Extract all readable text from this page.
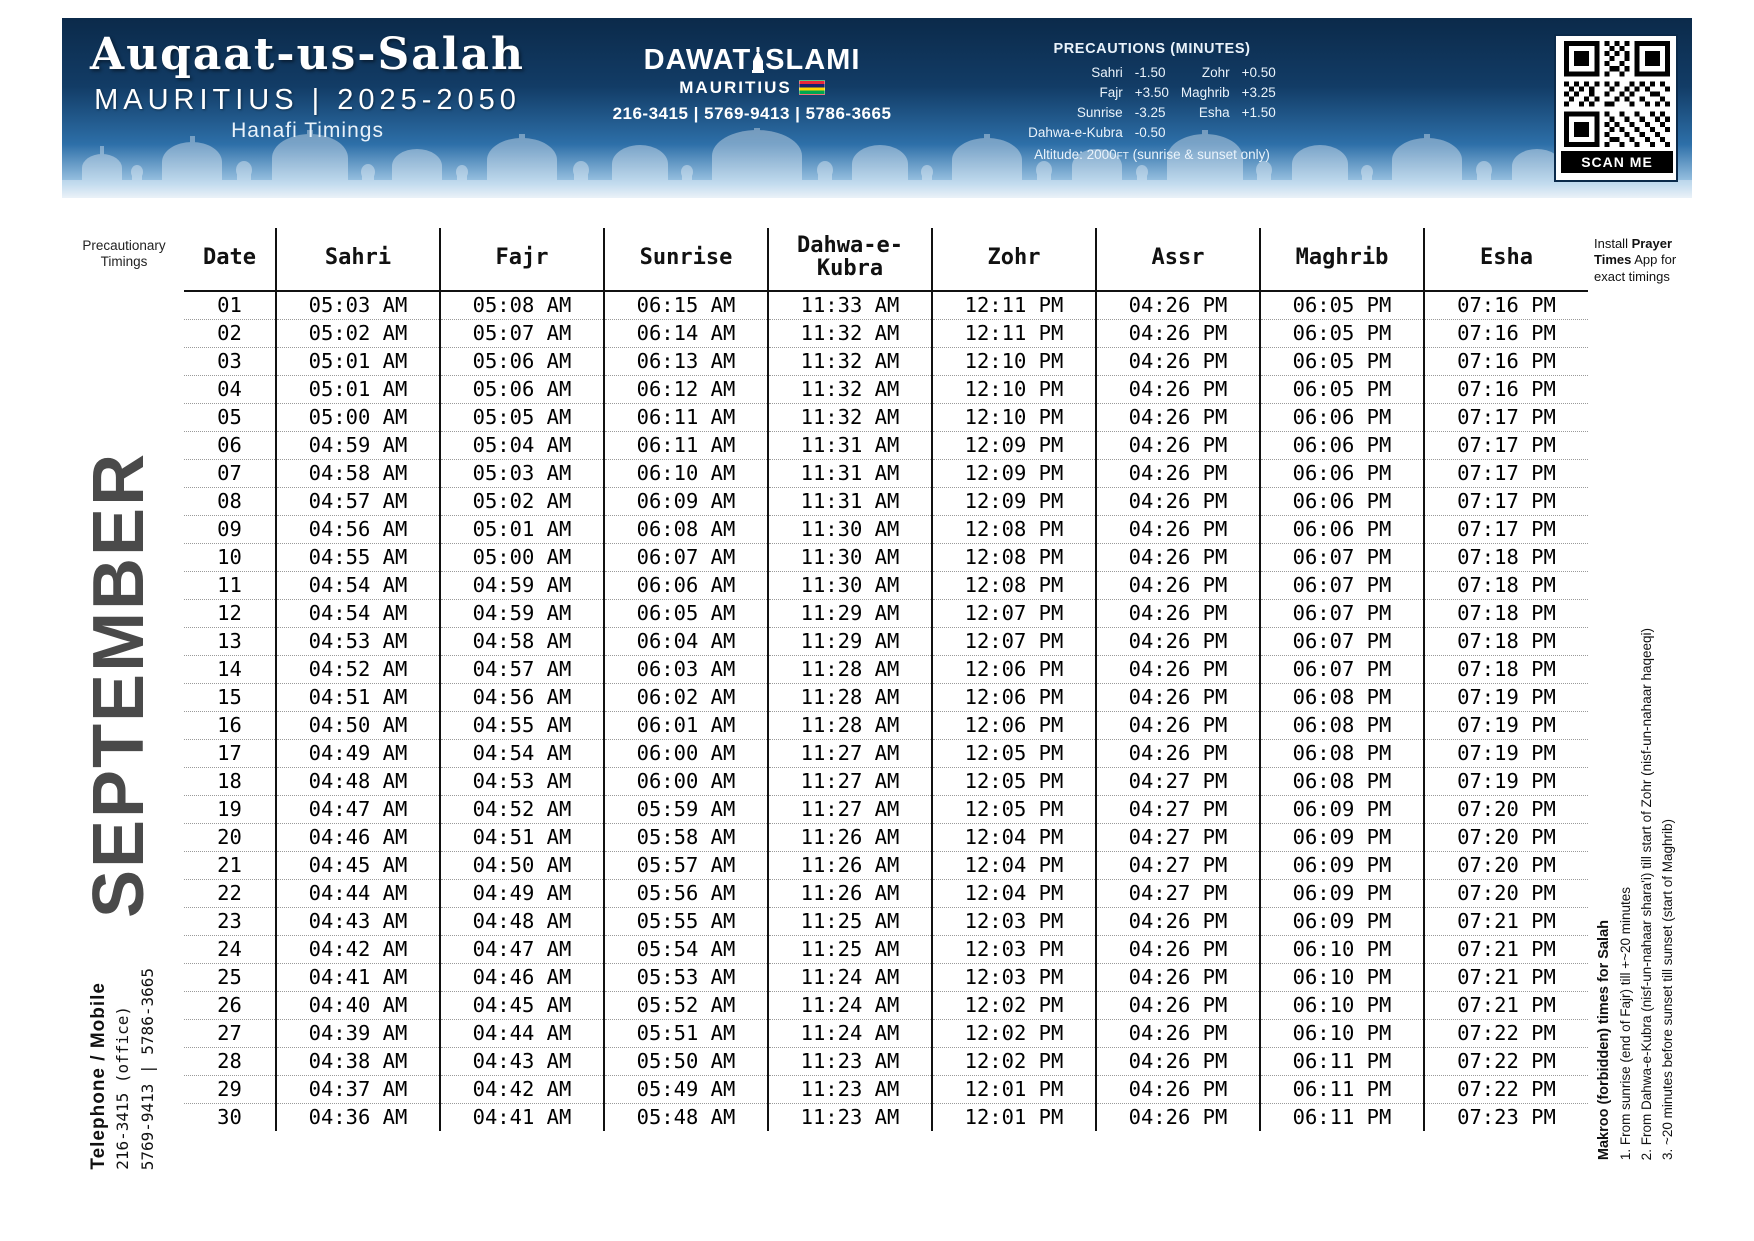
Auqaat-us-Salah
MAURITIUS | 2025-2050
Hanafi Timings
DAWAT SLAMI
MAURITIUS
216-3415 | 5769-9413 | 5786-3665
PRECAUTIONS (MINUTES)
Sahri	-1.50	Zohr	+0.50
Fajr	+3.50	Maghrib	+3.25
Sunrise	-3.25	Esha	+1.50
Dahwa-e-Kubra	-0.50		
Altitude: 2000FT (sunrise & sunset only)	SCAN ME
Precautionary
Timings
SEPTEMBER
Telephone / Mobile 216-3415 (office) 5769-9413 | 5786-3665
Date	Sahri	Fajr	Sunrise	Dahwa-e-Kubra	Zohr	Assr	Maghrib	Esha
01	05:03 AM	05:08 AM	06:15 AM	11:33 AM	12:11 PM	04:26 PM	06:05 PM	07:16 PM
02	05:02 AM	05:07 AM	06:14 AM	11:32 AM	12:11 PM	04:26 PM	06:05 PM	07:16 PM
03	05:01 AM	05:06 AM	06:13 AM	11:32 AM	12:10 PM	04:26 PM	06:05 PM	07:16 PM
04	05:01 AM	05:06 AM	06:12 AM	11:32 AM	12:10 PM	04:26 PM	06:05 PM	07:16 PM
05	05:00 AM	05:05 AM	06:11 AM	11:32 AM	12:10 PM	04:26 PM	06:06 PM	07:17 PM
06	04:59 AM	05:04 AM	06:11 AM	11:31 AM	12:09 PM	04:26 PM	06:06 PM	07:17 PM
07	04:58 AM	05:03 AM	06:10 AM	11:31 AM	12:09 PM	04:26 PM	06:06 PM	07:17 PM
08	04:57 AM	05:02 AM	06:09 AM	11:31 AM	12:09 PM	04:26 PM	06:06 PM	07:17 PM
09	04:56 AM	05:01 AM	06:08 AM	11:30 AM	12:08 PM	04:26 PM	06:06 PM	07:17 PM
10	04:55 AM	05:00 AM	06:07 AM	11:30 AM	12:08 PM	04:26 PM	06:07 PM	07:18 PM
11	04:54 AM	04:59 AM	06:06 AM	11:30 AM	12:08 PM	04:26 PM	06:07 PM	07:18 PM
12	04:54 AM	04:59 AM	06:05 AM	11:29 AM	12:07 PM	04:26 PM	06:07 PM	07:18 PM
13	04:53 AM	04:58 AM	06:04 AM	11:29 AM	12:07 PM	04:26 PM	06:07 PM	07:18 PM
14	04:52 AM	04:57 AM	06:03 AM	11:28 AM	12:06 PM	04:26 PM	06:07 PM	07:18 PM
15	04:51 AM	04:56 AM	06:02 AM	11:28 AM	12:06 PM	04:26 PM	06:08 PM	07:19 PM
16	04:50 AM	04:55 AM	06:01 AM	11:28 AM	12:06 PM	04:26 PM	06:08 PM	07:19 PM
17	04:49 AM	04:54 AM	06:00 AM	11:27 AM	12:05 PM	04:26 PM	06:08 PM	07:19 PM
18	04:48 AM	04:53 AM	06:00 AM	11:27 AM	12:05 PM	04:27 PM	06:08 PM	07:19 PM
19	04:47 AM	04:52 AM	05:59 AM	11:27 AM	12:05 PM	04:27 PM	06:09 PM	07:20 PM
20	04:46 AM	04:51 AM	05:58 AM	11:26 AM	12:04 PM	04:27 PM	06:09 PM	07:20 PM
21	04:45 AM	04:50 AM	05:57 AM	11:26 AM	12:04 PM	04:27 PM	06:09 PM	07:20 PM
22	04:44 AM	04:49 AM	05:56 AM	11:26 AM	12:04 PM	04:27 PM	06:09 PM	07:20 PM
23	04:43 AM	04:48 AM	05:55 AM	11:25 AM	12:03 PM	04:26 PM	06:09 PM	07:21 PM
24	04:42 AM	04:47 AM	05:54 AM	11:25 AM	12:03 PM	04:26 PM	06:10 PM	07:21 PM
25	04:41 AM	04:46 AM	05:53 AM	11:24 AM	12:03 PM	04:26 PM	06:10 PM	07:21 PM
26	04:40 AM	04:45 AM	05:52 AM	11:24 AM	12:02 PM	04:26 PM	06:10 PM	07:21 PM
27	04:39 AM	04:44 AM	05:51 AM	11:24 AM	12:02 PM	04:26 PM	06:10 PM	07:22 PM
28	04:38 AM	04:43 AM	05:50 AM	11:23 AM	12:02 PM	04:26 PM	06:11 PM	07:22 PM
29	04:37 AM	04:42 AM	05:49 AM	11:23 AM	12:01 PM	04:26 PM	06:11 PM	07:22 PM
30	04:36 AM	04:41 AM	05:48 AM	11:23 AM	12:01 PM	04:26 PM	06:11 PM	07:23 PM
Install Prayer Times App for exact timings
Makroo (forbidden) times for Salah 1. From sunrise (end of Fajr) till +~20 minutes 2. From Dahwa-e-Kubra (nisf-un-nahaar shara'i) till start of Zohr (nisf-un-nahaar haqeeqi) 3. ~20 minutes before sunset till sunset (start of Maghrib)
